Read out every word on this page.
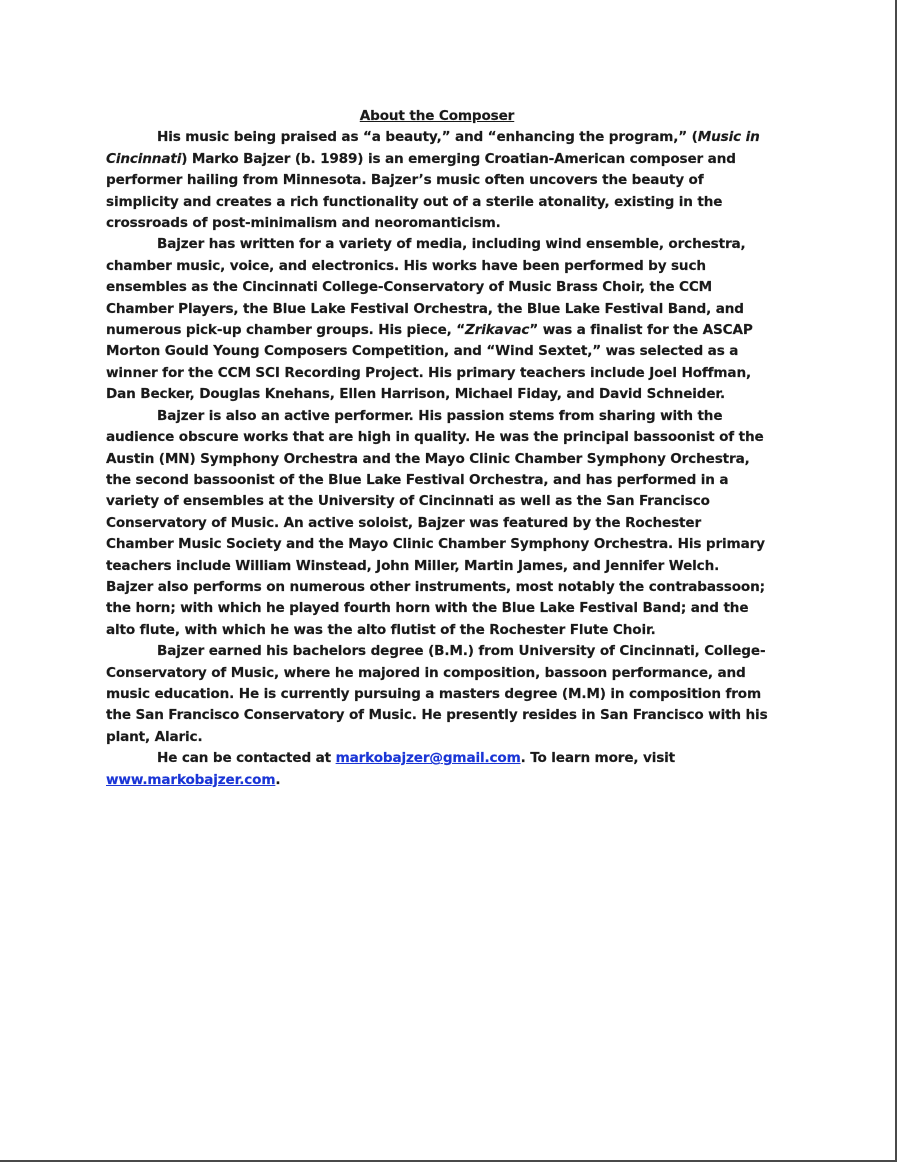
About the Composer

His music being praised as “a beauty,” and “enhancing the program,” (Music in Cincinnati) Marko Bajzer (b. 1989) is an emerging Croatian-American composer and performer hailing from Minnesota. Bajzer’s music often uncovers the beauty of simplicity and creates a rich functionality out of a sterile atonality, existing in the crossroads of post-minimalism and neoromanticism.

Bajzer has written for a variety of media, including wind ensemble, orchestra, chamber music, voice, and electronics. His works have been performed by such ensembles as the Cincinnati College-Conservatory of Music Brass Choir, the CCM Chamber Players, the Blue Lake Festival Orchestra, the Blue Lake Festival Band, and numerous pick-up chamber groups. His piece, “Zrikavac” was a finalist for the ASCAP Morton Gould Young Composers Competition, and “Wind Sextet,” was selected as a winner for the CCM SCI Recording Project. His primary teachers include Joel Hoffman, Dan Becker, Douglas Knehans, Ellen Harrison, Michael Fiday, and David Schneider.

Bajzer is also an active performer. His passion stems from sharing with the audience obscure works that are high in quality. He was the principal bassoonist of the Austin (MN) Symphony Orchestra and the Mayo Clinic Chamber Symphony Orchestra, the second bassoonist of the Blue Lake Festival Orchestra, and has performed in a variety of ensembles at the University of Cincinnati as well as the San Francisco Conservatory of Music. An active soloist, Bajzer was featured by the Rochester Chamber Music Society and the Mayo Clinic Chamber Symphony Orchestra. His primary teachers include William Winstead, John Miller, Martin James, and Jennifer Welch. Bajzer also performs on numerous other instruments, most notably the contrabassoon; the horn; with which he played fourth horn with the Blue Lake Festival Band; and the alto flute, with which he was the alto flutist of the Rochester Flute Choir.

Bajzer earned his bachelors degree (B.M.) from University of Cincinnati, College-Conservatory of Music, where he majored in composition, bassoon performance, and music education. He is currently pursuing a masters degree (M.M) in composition from the San Francisco Conservatory of Music. He presently resides in San Francisco with his plant, Alaric.

He can be contacted at markobajzer@gmail.com. To learn more, visit www.markobajzer.com.
